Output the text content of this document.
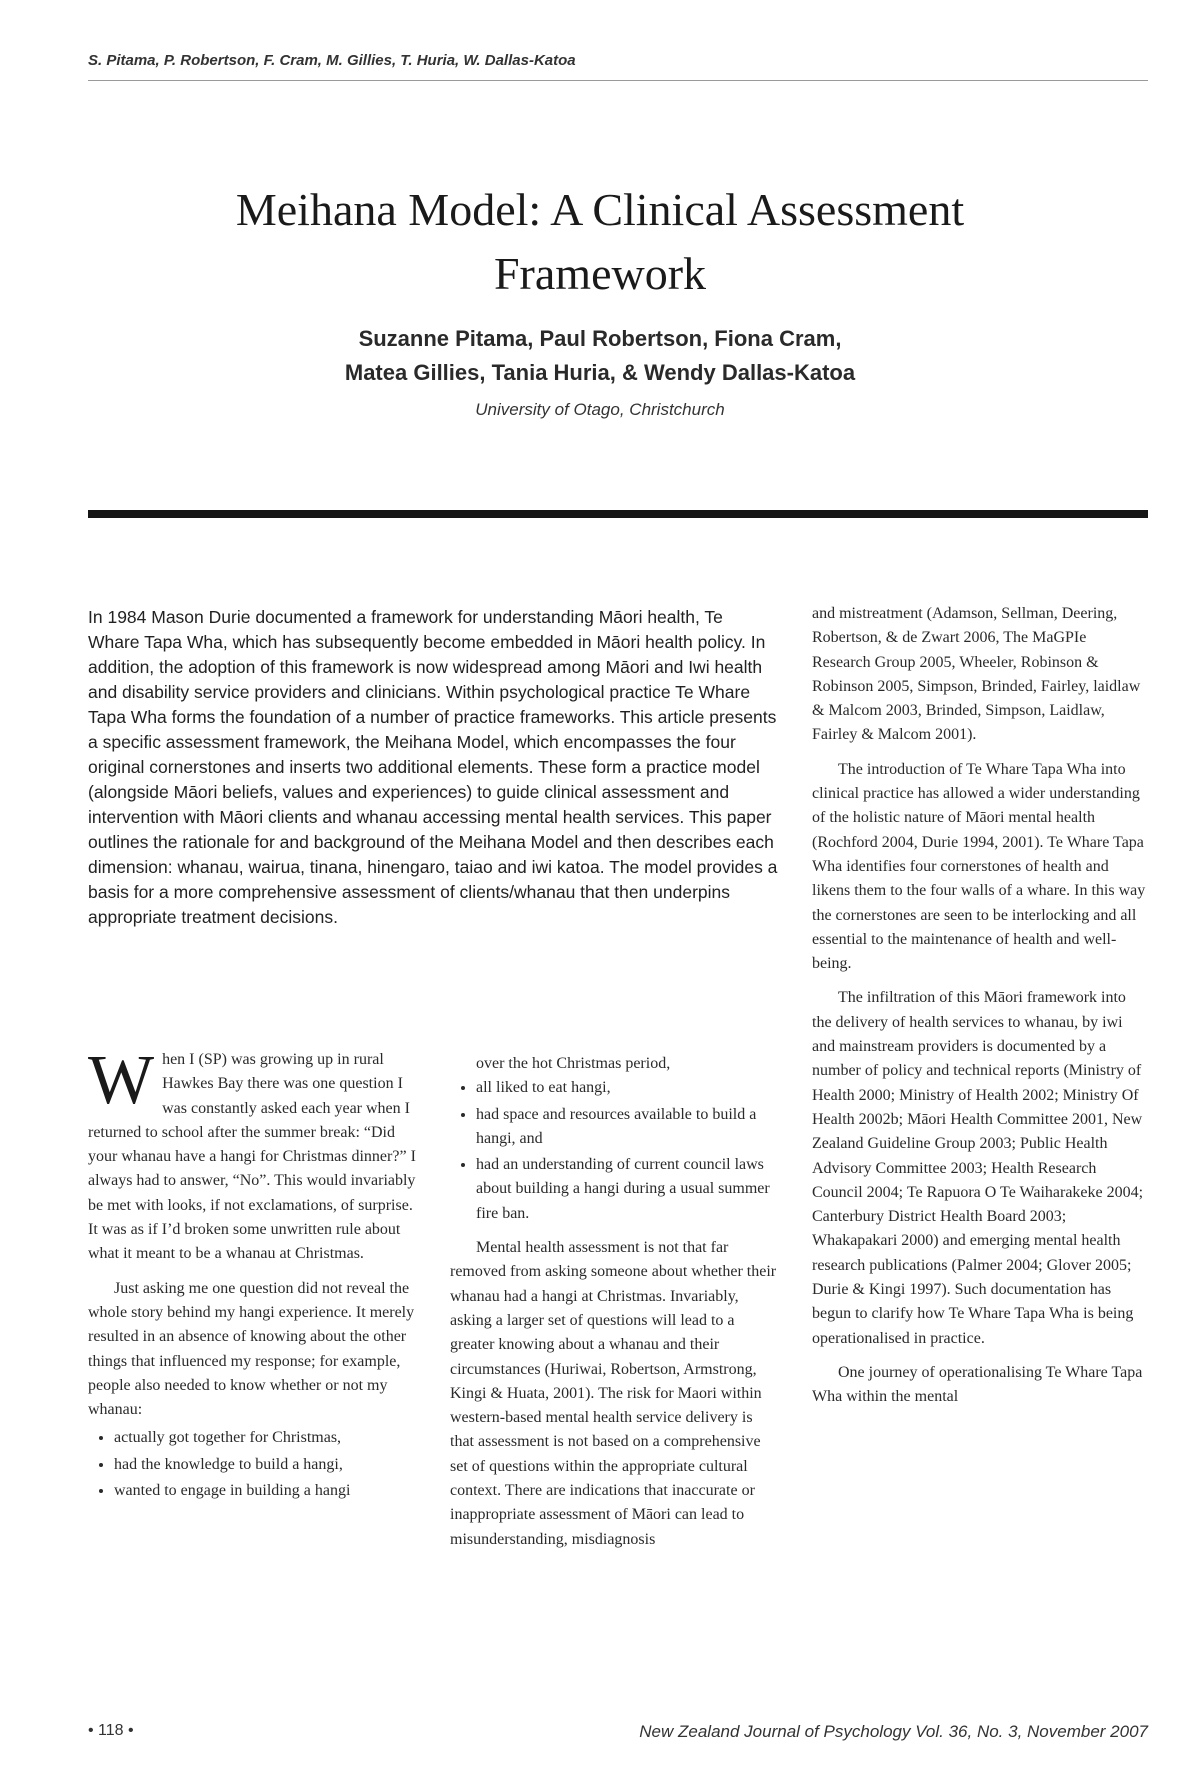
S. Pitama, P. Robertson, F. Cram, M. Gillies, T. Huria, W. Dallas-Katoa
Meihana Model: A Clinical Assessment
Framework
Suzanne Pitama, Paul Robertson, Fiona Cram,
Matea Gillies, Tania Huria, & Wendy Dallas-Katoa
University of Otago, Christchurch

In 1984 Mason Durie documented a framework for understanding Māori health, Te Whare Tapa Wha, which has subsequently become embedded in Māori health policy. In addition, the adoption of this framework is now widespread among Māori and Iwi health and disability service providers and clinicians. Within psychological practice Te Whare Tapa Wha forms the foundation of a number of practice frameworks. This article presents a specific assessment framework, the Meihana Model, which encompasses the four original cornerstones and inserts two additional elements. These form a practice model (alongside Māori beliefs, values and experiences) to guide clinical assessment and intervention with Māori clients and whanau accessing mental health services. This paper outlines the rationale for and background of the Meihana Model and then describes each dimension: whanau, wairua, tinana, hinengaro, taiao and iwi katoa. The model provides a basis for a more comprehensive assessment of clients/whanau that then underpins appropriate treatment decisions.

When I (SP) was growing up in rural Hawkes Bay there was one question I was constantly asked each year when I returned to school after the summer break: “Did your whanau have a hangi for Christmas dinner?” I always had to answer, “No”. This would invariably be met with looks, if not exclamations, of surprise. It was as if I’d broken some unwritten rule about what it meant to be a whanau at Christmas.

Just asking me one question did not reveal the whole story behind my hangi experience. It merely resulted in an absence of knowing about the other things that influenced my response; for example, people also needed to know whether or not my whanau:

• actually got together for Christmas,
• had the knowledge to build a hangi,
• wanted to engage in building a hangi
over the hot Christmas period,
• all liked to eat hangi,
• had space and resources available to build a hangi, and
• had an understanding of current council laws about building a hangi during a usual summer fire ban.

Mental health assessment is not that far removed from asking someone about whether their whanau had a hangi at Christmas. Invariably, asking a larger set of questions will lead to a greater knowing about a whanau and their circumstances (Huriwai, Robertson, Armstrong, Kingi & Huata, 2001). The risk for Maori within western-based mental health service delivery is that assessment is not based on a comprehensive set of questions within the appropriate cultural context. There are indications that inaccurate or inappropriate assessment of Māori can lead to misunderstanding, misdiagnosis

and mistreatment (Adamson, Sellman, Deering, Robertson, & de Zwart 2006, The MaGPIe Research Group 2005, Wheeler, Robinson & Robinson 2005, Simpson, Brinded, Fairley, laidlaw & Malcom 2003, Brinded, Simpson, Laidlaw, Fairley & Malcom 2001).

The introduction of Te Whare Tapa Wha into clinical practice has allowed a wider understanding of the holistic nature of Māori mental health (Rochford 2004, Durie 1994, 2001). Te Whare Tapa Wha identifies four cornerstones of health and likens them to the four walls of a whare. In this way the cornerstones are seen to be interlocking and all essential to the maintenance of health and well-being.

The infiltration of this Māori framework into the delivery of health services to whanau, by iwi and mainstream providers is documented by a number of policy and technical reports (Ministry of Health 2000; Ministry of Health 2002; Ministry Of Health 2002b; Māori Health Committee 2001, New Zealand Guideline Group 2003; Public Health Advisory Committee 2003; Health Research Council 2004; Te Rapuora O Te Waiharakeke 2004; Canterbury District Health Board 2003; Whakapakari 2000) and emerging mental health research publications (Palmer 2004; Glover 2005; Durie & Kingi 1997). Such documentation has begun to clarify how Te Whare Tapa Wha is being operationalised in practice.

One journey of operationalising Te Whare Tapa Wha within the mental

• 118 •	New Zealand Journal of Psychology Vol. 36, No. 3, November 2007
